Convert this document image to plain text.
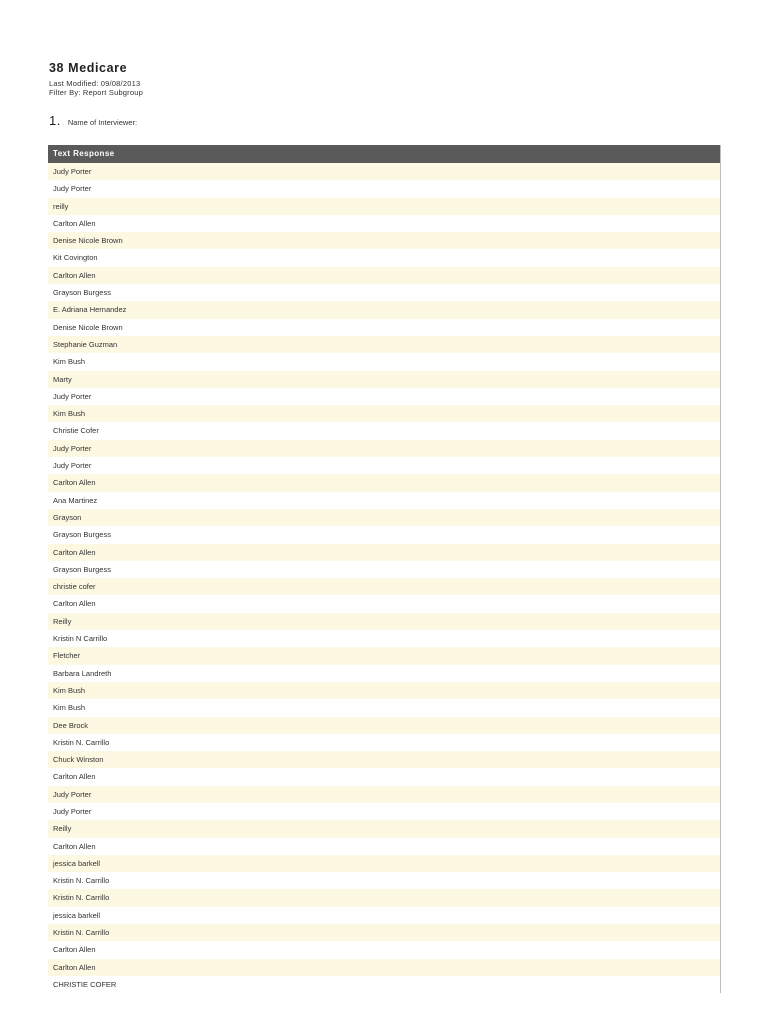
38 Medicare
Last Modified: 09/08/2013
Filter By: Report Subgroup
1. Name of Interviewer:
Text Response
Judy Porter
Judy Porter
reilly
Carlton Allen
Denise Nicole Brown
Kit Covington
Carlton Allen
Grayson Burgess
E. Adriana Hernandez
Denise Nicole Brown
Stephanie Guzman
Kim Bush
Marty
Judy Porter
Kim Bush
Christie Cofer
Judy Porter
Judy Porter
Carlton Allen
Ana Martinez
Grayson
Grayson Burgess
Carlton Allen
Grayson Burgess
christie cofer
Carlton Allen
Reilly
Kristin N Carrillo
Fletcher
Barbara Landreth
Kim Bush
Kim Bush
Dee Brock
Kristin N. Carrillo
Chuck Winston
Carlton Allen
Judy Porter
Judy Porter
Reilly
Carlton Allen
jessica barkell
Kristin N. Carrillo
Kristin N. Carrillo
jessica barkell
Kristin N. Carrillo
Carlton Allen
Carlton Allen
CHRISTIE COFER
